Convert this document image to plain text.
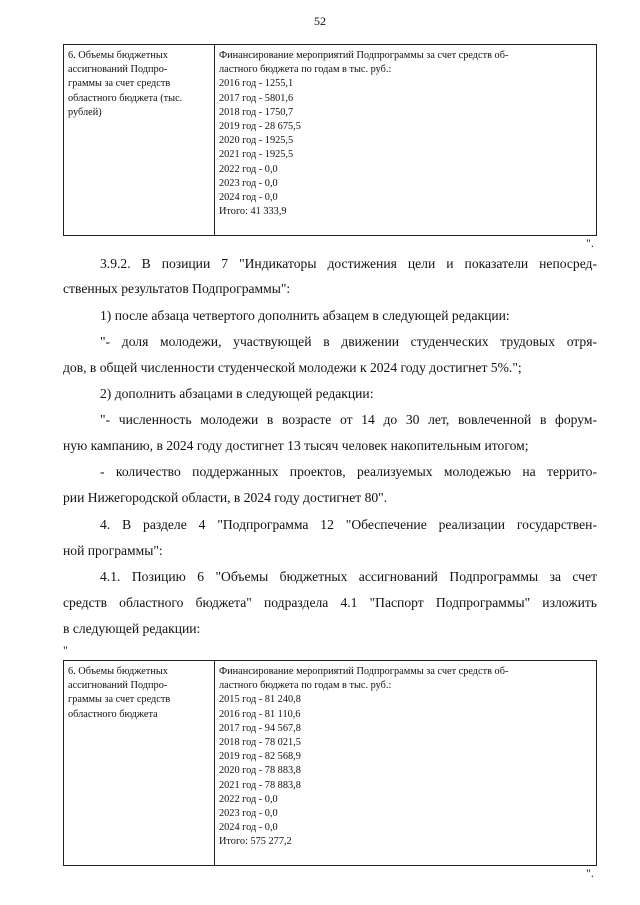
52
6. Объемы бюджетных
ассигнований Подпро-
граммы за счет средств
областного бюджета (тыс.
рублей)
Финансирование мероприятий Подпрограммы за счет средств об-
ластного бюджета по годам в тыс. руб.:
2016 год - 1255,1
2017 год - 5801,6
2018 год - 1750,7
2019 год - 28 675,5
2020 год - 1925,5
2021 год - 1925,5
2022 год - 0,0
2023 год - 0,0
2024 год - 0,0
Итого: 41 333,9
".
3.9.2. В позиции 7 "Индикаторы достижения цели и показатели непосред-
ственных результатов Подпрограммы":
1) после абзаца четвертого дополнить абзацем в следующей редакции:
"- доля молодежи, участвующей в движении студенческих трудовых отря-
дов, в общей численности студенческой молодежи к 2024 году достигнет 5%.";
2) дополнить абзацами в следующей редакции:
"- численность молодежи в возрасте от 14 до 30 лет, вовлеченной в форум-
ную кампанию, в 2024 году достигнет 13 тысяч человек накопительным итогом;
- количество поддержанных проектов, реализуемых молодежью на террито-
рии Нижегородской области, в 2024 году достигнет 80".
4. В разделе 4 "Подпрограмма 12 "Обеспечение реализации государствен-
ной программы":
4.1. Позицию 6 "Объемы бюджетных ассигнований Подпрограммы за счет
средств областного бюджета" подраздела 4.1 "Паспорт Подпрограммы" изложить
в следующей редакции:
"
6. Объемы бюджетных
ассигнований Подпро-
граммы за счет средств
областного бюджета
Финансирование мероприятий Подпрограммы за счет средств об-
ластного бюджета по годам в тыс. руб.:
2015 год - 81 240,8
2016 год - 81 110,6
2017 год - 94 567,8
2018 год - 78 021,5
2019 год - 82 568,9
2020 год - 78 883,8
2021 год - 78 883,8
2022 год - 0,0
2023 год - 0,0
2024 год - 0,0
Итого: 575 277,2
".
